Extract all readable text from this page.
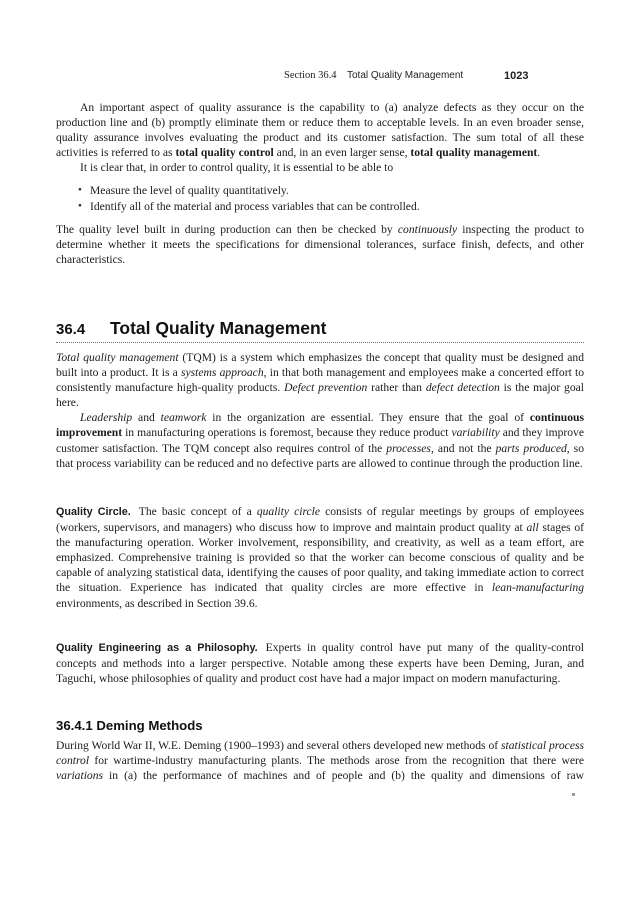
Section 36.4 Total Quality Management	1023

An important aspect of quality assurance is the capability to (a) analyze defects as they occur on the production line and (b) promptly eliminate them or reduce them to acceptable levels. In an even broader sense, quality assurance involves evaluating the product and its customer satisfaction. The sum total of all these activities is referred to as total quality control and, in an even larger sense, total quality management.

It is clear that, in order to control quality, it is essential to be able to

• Measure the level of quality quantitatively.
• Identify all of the material and process variables that can be controlled.

The quality level built in during production can then be checked by continuously inspecting the product to determine whether it meets the specifications for dimensional tolerances, surface finish, defects, and other characteristics.

36.4 Total Quality Management

Total quality management (TQM) is a system which emphasizes the concept that quality must be designed and built into a product. It is a systems approach, in that both management and employees make a concerted effort to consistently manufacture high-quality products. Defect prevention rather than defect detection is the major goal here.

Leadership and teamwork in the organization are essential. They ensure that the goal of continuous improvement in manufacturing operations is foremost, because they reduce product variability and they improve customer satisfaction. The TQM concept also requires control of the processes, and not the parts produced, so that process variability can be reduced and no defective parts are allowed to continue through the production line.

Quality Circle. The basic concept of a quality circle consists of regular meetings by groups of employees (workers, supervisors, and managers) who discuss how to improve and maintain product quality at all stages of the manufacturing operation. Worker involvement, responsibility, and creativity, as well as a team effort, are emphasized. Comprehensive training is provided so that the worker can become conscious of quality and be capable of analyzing statistical data, identifying the causes of poor quality, and taking immediate action to correct the situation. Experience has indicated that quality circles are more effective in lean-manufacturing environments, as described in Section 39.6.

Quality Engineering as a Philosophy. Experts in quality control have put many of the quality-control concepts and methods into a larger perspective. Notable among these experts have been Deming, Juran, and Taguchi, whose philosophies of quality and product cost have had a major impact on modern manufacturing.

36.4.1 Deming Methods

During World War II, W.E. Deming (1900–1993) and several others developed new methods of statistical process control for wartime-industry manufacturing plants. The methods arose from the recognition that there were variations in (a) the performance of machines and of people and (b) the quality and dimensions of raw
